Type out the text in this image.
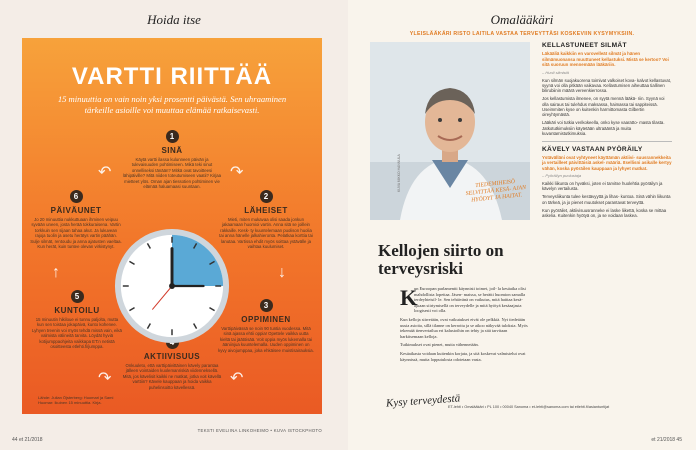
Hoida itse
VARTTI RIITTÄÄ
15 minuuttia on vain noin yksi prosentti päivästä. Sen uhraaminen tärkeille asioille voi muuttaa elämää ratkaisevasti.
1
SINÄ
Käytä vartti ilassa kulunneen päivän ja tulevaisuuden pohtimiseen. Mikä teki sinut onnelliseksi tänään? Mitkä ovat tavoitteesi lähipäiville? Mitä niiden toteutumiseen vaatii? Kirjaa mietteet ylös. Oman ajan tiessotien pohtiminen vie elämää haluamaasi suuntaan.
2
LÄHEISET
Mieti, miten mukavaa olisi saada jonkun jakaamaan huomioi vartin. Anna sitä se joillein rakkaille. Kesk- ty kuuntelemaan puolison huolia tai anna hänelle jalkahieronta. Pelatkaa korttia tai lanutaa. Vartissa ehdit myös soittaa ystävälle ja vaihtaa kuulumiset.
3
OPPIMINEN
Varttipäivässä se noin 90 tuntia vuodessa. Mitä sinä ajassa ehtii oppia! Opettele vaikka uutta kieltä tai jäätöisää. Voit oppia myös lukemalla tai ääniinjua kuuntelemalla. Uuden oppiminen on kyvy aivojumppaa, joka ehkäisee muistisairauksia.
AKTIIVISUUS
Onkuuleto, että varttipäivittäinen kävely parantaa jälleen vointaiden kuolemanriskiä viidenneksellä. Mitä, jos kävelisit kaikki ne matkat, jotka voit kävellä varttiin? Kävele kauppaan ja hoida vaikka puhelinsoitto kävellessä.
5
KUNTOILU
15 minuutin hikiloue ei tunnu paljolta, mutta kun sen toistaa jokapäivä, kunto kohenee. Lyhyen treenin voi myös tehdä missä vain, eikä valmista välineitä tarvita. Löydät hyviä kotijumppaohjeita vaikkapa ET:n netistä osoitteesta etlehti.fi/jumppa.
6
PÄIVÄUNET
Jo 20 minuuttia nukkuttuaan ihminen veipuu syvään uneen, josta herää tokkuraisena. Vartin torkkuin sen sijaan tahaa akut. Ja lukuvean rajoja tuolin ja asetu herätys vartin päähän. Sulje silmät, rentoudu ja anna ajatusten vaeltaa. Kun herät, kuin tuntee olevan virkistynyt.
↷
↓
↶
↷
↑
↶
Lähde: Julian Öjsterberg: Huomari ja Sami Huomar: Ikuinen 15 minuuttia. Kirja.
44 et 21/2018
TEKSTI EVELIINA LINKOHEIMO • KUVA ISTOCKPHOTO
Omalääkäri
YLEISLÄÄKÄRI RISTO LAITILA VASTAA TERVEYTTÄSI KOSKEVIIN KYSYMYKSIIN.
KUVA MIKKO HANNULA	TIEDEMIHEISÖ SELVITTÄÄ KESÄ- AJAN HYÖDYT JA HAITAT.
Kellojen siirto on terveysriski
K

un Euroopan parlamentti käynnisti toimet, joil- la kesäaika olisi mahdollista lopettaa. Jäsen- maissa, se herätti huomion samalla terdeyhteisil- le. Sen tehtävänä on vaikutus, mitä haittaa kesä- ajkaan siirtymisellä on terveydelle ja mitä hyötyä kesäaajasta loogisesti voi olla.

Kun kelloja siirretään, ovat vaikutukset eivät ole pelkkiä. Nyt tiedetään uusia asioita, sillä tilanne on kerrottu ja se aikoo näkyvää tuloksia. Myös tekemää tienvertailua eri kalustoihin on tehty ja sitä tarvitaan harkitsemaan kelloja.

Tutkimukset ovat pienet, mutta vähennetään.

Kesäaikasta voidaan kuitenkin korjata, ja sitä koskevat valmistelut ovat käynnissä, mutta lopputulosta odotetaan vasta.

KELLASTUNEET SILMÄT
Läkääliä kaikkiin en varovelleät silmät ja hänen silmämuonansa muuttuneet kellastuksi. Mistä se kertoo? Voi sitä suoruun mennemään lääkäriin.
– Huoli silmistä

Kun silmän suojakuorena toimivat valkoiset kova- kalvot kellastuvat, syynä voi olla pitkään vaikavaa. Kellastumisen aiheuttaa tiallinen bilirubiinin määrä vereenkierrossa.

Jos kellastumista ilmenee, on syytä mennä lääkä- riin. Syynä voi olla sairaus tai tulehdus maksassa, haimassa tai sappiteissä. Useimmiten kyse on kuitenkin harmittomasta Gilbertin oireyhtymästä.

Lääkäri voi tutkia verikokeella, onko kyse vaaratto- masta tilasta. Jatkotutkimuksiin käytetään ultraääntä ja muita kuvantamistutkimuksia.

KÄVELY VASTAAN PYÖRÄILY
Ystävälläni ovat vyhtyneet käyttämän aktiivi- suusrannekkeita ja vertailleet päivittäisiä askel- määriä. Itsellisni asikalle kertyy vähän, koska pyöräilen kauppaan ja lyhyet matkat.
– Pyöräilyn puolustaja

Kaikki liikunta on hyväksi, joten ei tarvitse huolehtia pyöräilyn ja kävelyn vertailusta.

Terveysliikunta tulee kestävyyttä ja lihas- kuntoa. Sinä vähin liikunta on tärkeä, ja jo pienet muutokset parantavat terveyttä.

Kun pyöräilet, aktiivisuusranneke ei laske liikettä, koska se mittaa askelia. Kuitenkin hyötyä on, ja se voidaan laskea.

Kysy terveydestä
ET-lehti • Omalääkäri • PL 100 • 00040 Sanoma • et-lehti@sanoma.com tai etlehti.fi/asiantuntijat
et 21/2018 45
